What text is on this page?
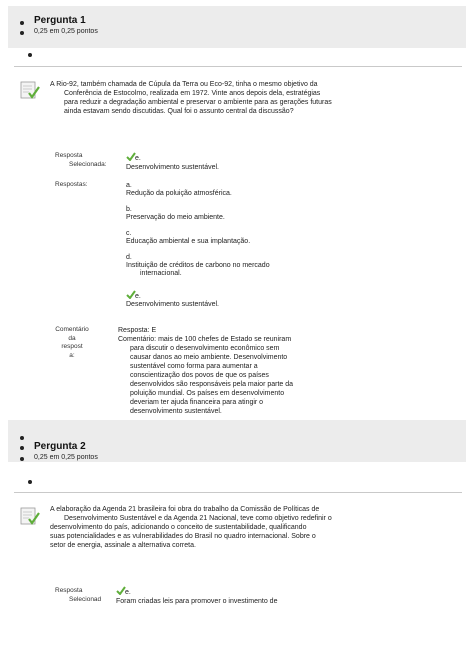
Pergunta 1
0,25 em 0,25 pontos
A Rio-92, também chamada de Cúpula da Terra ou Eco-92, tinha o mesmo objetivo da
Conferência de Estocolmo, realizada em 1972. Vinte anos depois dela, estratégias
para reduzir a degradação ambiental e preservar o ambiente para as gerações futuras
ainda estavam sendo discutidas. Qual foi o assunto central da discussão?
Resposta
Selecionada:
e.
Desenvolvimento sustentável.
Respostas:	a.
Redução da poluição atmosférica.
b.
Preservação do meio ambiente.
c.
Educação ambiental e sua implantação.
d.
Instituição de créditos de carbono no mercado
internacional.
e.
Desenvolvimento sustentável.
Comentário
da
respost
a:
Resposta: E
Comentário: mais de 100 chefes de Estado se reuniram
para discutir o desenvolvimento econômico sem
causar danos ao meio ambiente. Desenvolvimento
sustentável como forma para aumentar a
conscientização dos povos de que os países
desenvolvidos são responsáveis pela maior parte da
poluição mundial. Os países em desenvolvimento
deveriam ter ajuda financeira para atingir o
desenvolvimento sustentável.
Pergunta 2
0,25 em 0,25 pontos
A elaboração da Agenda 21 brasileira foi obra do trabalho da Comissão de Políticas de
Desenvolvimento Sustentável e da Agenda 21 Nacional, teve como objetivo redefinir o
desenvolvimento do país, adicionando o conceito de sustentabilidade, qualificando
suas potencialidades e as vulnerabilidades do Brasil no quadro internacional. Sobre o
setor de energia, assinale a alternativa correta.
Resposta
Selecionad
e.
Foram criadas leis para promover o investimento de
